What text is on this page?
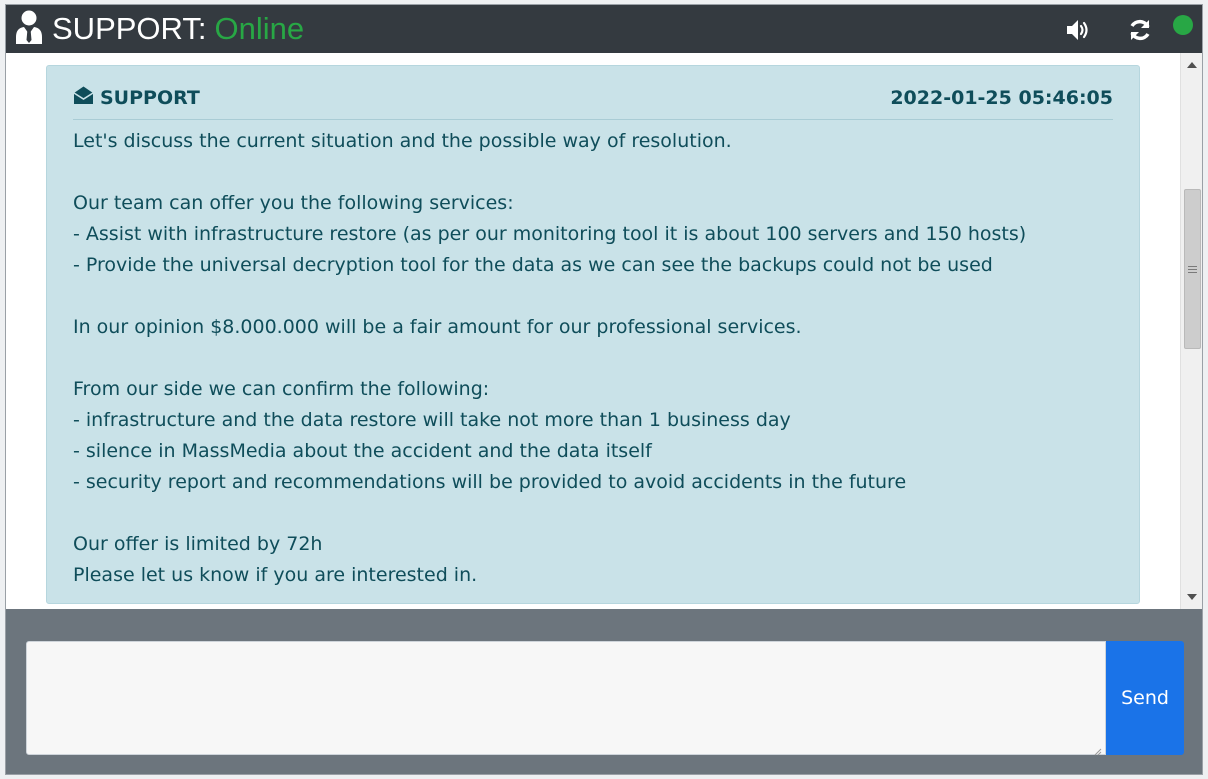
SUPPORT: Online
SUPPORT	2022-01-25 05:46:05
Let's discuss the current situation and the possible way of resolution.
Our team can offer you the following services:
- Assist with infrastructure restore (as per our monitoring tool it is about 100 servers and 150 hosts)
- Provide the universal decryption tool for the data as we can see the backups could not be used
In our opinion $8.000.000 will be a fair amount for our professional services.
From our side we can confirm the following:
- infrastructure and the data restore will take not more than 1 business day
- silence in MassMedia about the accident and the data itself
- security report and recommendations will be provided to avoid accidents in the future
Our offer is limited by 72h
Please let us know if you are interested in.
Send
